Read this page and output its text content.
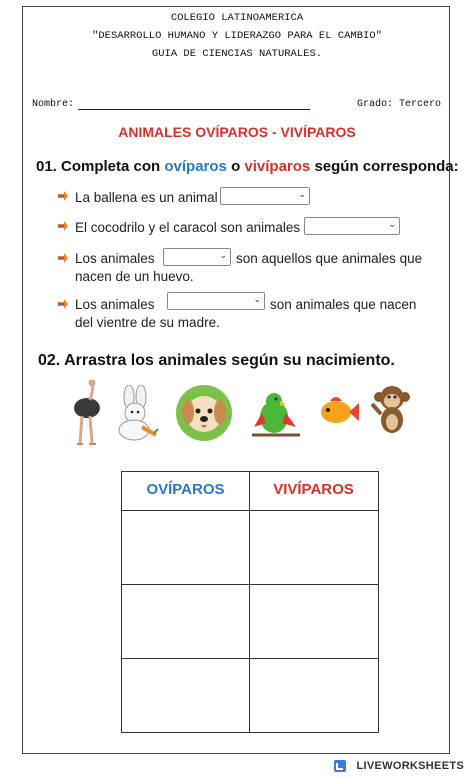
COLEGIO LATINOAMERICA
"DESARROLLO HUMANO Y LIDERAZGO PARA EL CAMBIO"
GUIA DE CIENCIAS NATURALES.
Nombre:	Grado: Tercero
ANIMALES OVÍPAROS - VIVÍPAROS
01. Completa con ovíparos o vivíparos según corresponda:
La ballena es un animal	⌄
El cocodrilo y el caracol son animales	⌄
Los animales	⌄ son aquellos que animales que
nacen de un huevo.
Los animales	⌄ son animales que nacen
del vientre de su madre.
02. Arrastra los animales según su nacimiento.
OVÍPAROS	VIVÍPAROS
LIVEWORKSHEETS
